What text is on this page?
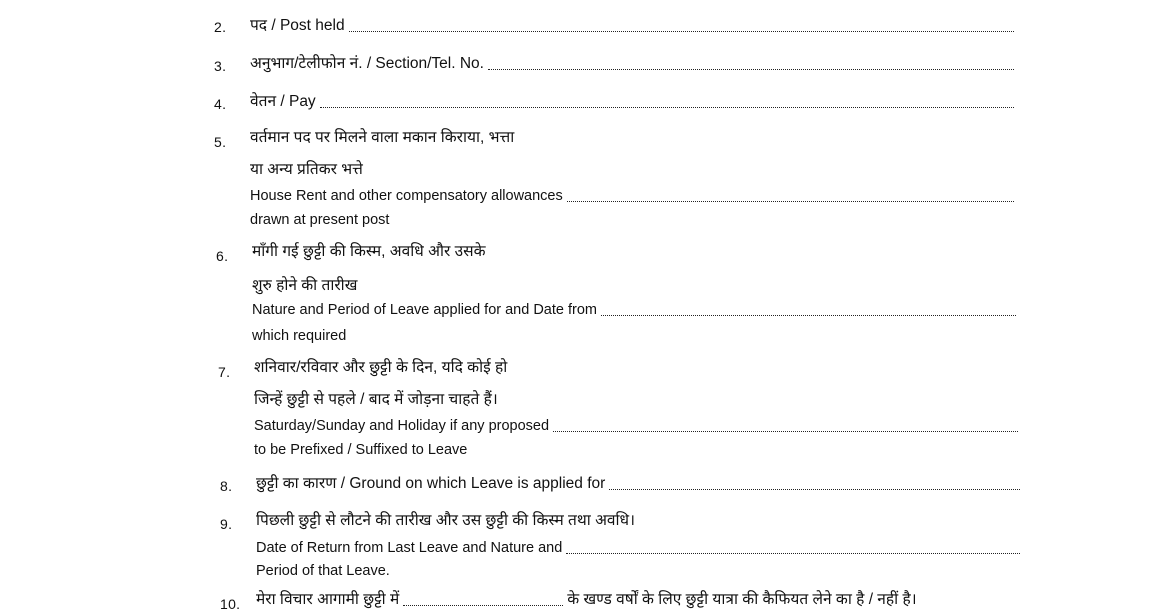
2.	पद / Post held
3.	अनुभाग/टेलीफोन नं. / Section/Tel. No.
4.	वेतन / Pay
5.	वर्तमान पद पर मिलने वाला मकान किराया, भत्ता
या अन्य प्रतिकर भत्ते
House Rent and other compensatory allowances
drawn at present post
6.	माँगी गई छुट्टी की किस्म, अवधि और उसके
शुरु होने की तारीख
Nature and Period of Leave applied for and Date from
which required
7.	शनिवार/रविवार और छुट्टी के दिन, यदि कोई हो
जिन्हें छुट्टी से पहले / बाद में जोड़ना चाहते हैं।
Saturday/Sunday and Holiday if any proposed
to be Prefixed / Suffixed to Leave
8.	छुट्टी का कारण / Ground on which Leave is applied for
9.	पिछली छुट्टी से लौटने की तारीख और उस छुट्टी की किस्म तथा अवधि।
Date of Return from Last Leave and Nature and
Period of that Leave.
10.	मेरा विचार आगामी छुट्टी में	के खण्ड वर्षों के लिए छुट्टी यात्रा की कैफियत लेने का है / नहीं है।
